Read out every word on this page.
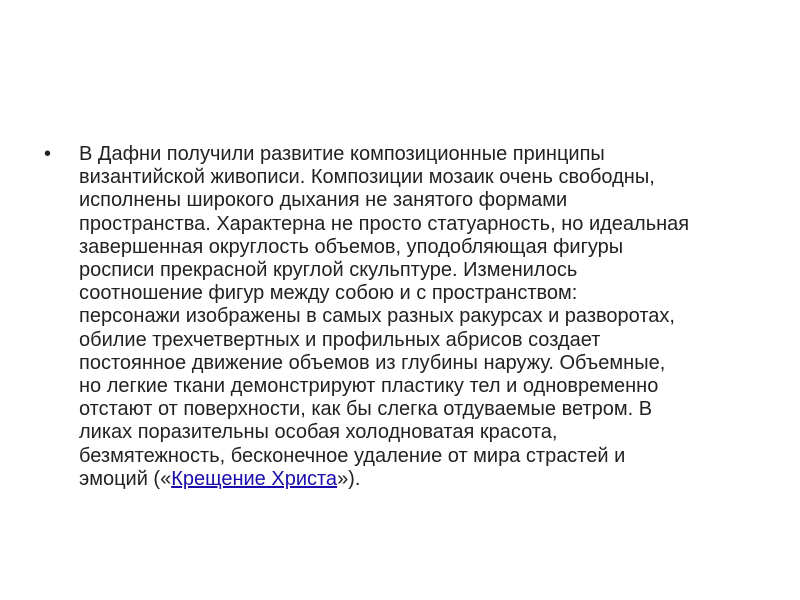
• В Дафни получили развитие композиционные принципы
византийской живописи. Композиции мозаик очень свободны,
исполнены широкого дыхания не занятого формами
пространства. Характерна не просто статуарность, но идеальная
завершенная округлость объемов, уподобляющая фигуры
росписи прекрасной круглой скульптуре. Изменилось
соотношение фигур между собою и с пространством:
персонажи изображены в самых разных ракурсах и разворотах,
обилие трехчетвертных и профильных абрисов создает
постоянное движение объемов из глубины наружу. Объемные,
но легкие ткани демонстрируют пластику тел и одновременно
отстают от поверхности, как бы слегка отдуваемые ветром. В
ликах поразительны особая холодноватая красота,
безмятежность, бесконечное удаление от мира страстей и
эмоций («Крещение Христа»).
